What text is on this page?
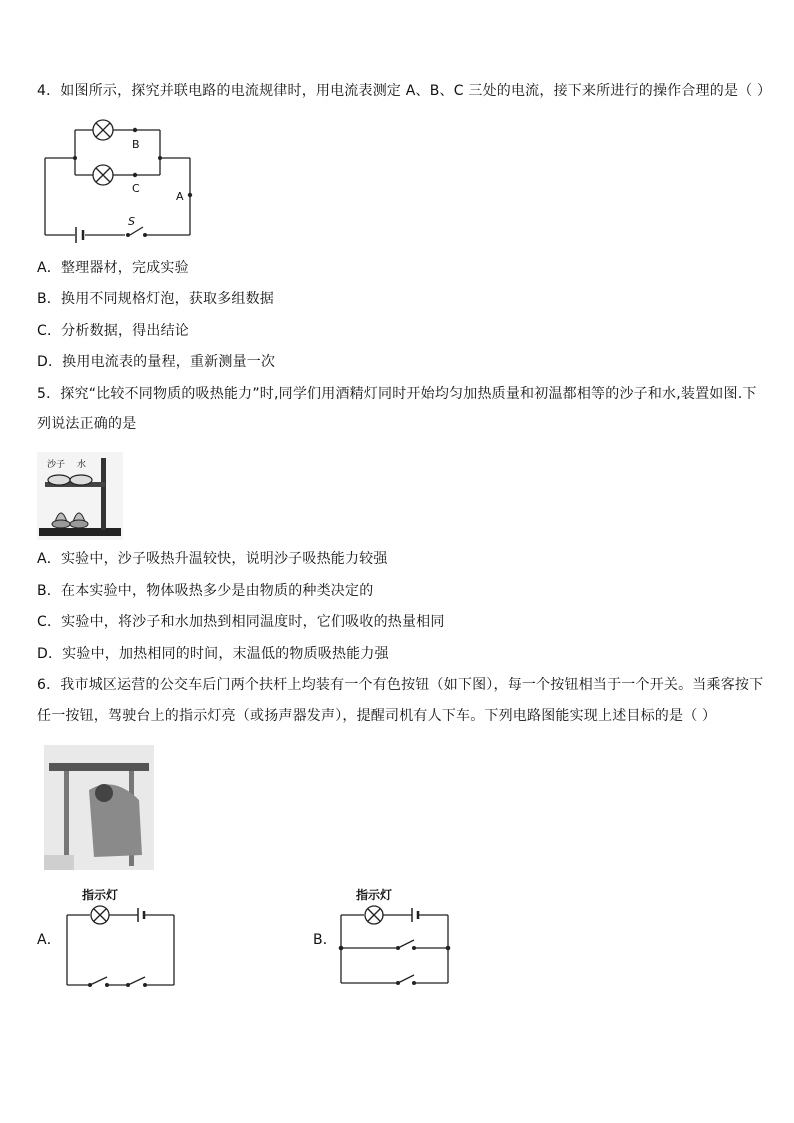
4．如图所示，探究并联电路的电流规律时，用电流表测定 A、B、C 三处的电流，接下来所进行的操作合理的是（ ）
B
C
A
S
A．整理器材，完成实验
B．换用不同规格灯泡，获取多组数据
C．分析数据，得出结论
D．换用电流表的量程，重新测量一次
5．探究“比较不同物质的吸热能力”时,同学们用酒精灯同时开始均匀加热质量和初温都相等的沙子和水,装置如图.下
列说法正确的是
沙子 水
A．实验中，沙子吸热升温较快，说明沙子吸热能力较强
B．在本实验中，物体吸热多少是由物质的种类决定的
C．实验中，将沙子和水加热到相同温度时，它们吸收的热量相同
D．实验中，加热相同的时间，末温低的物质吸热能力强
6．我市城区运营的公交车后门两个扶杆上均装有一个有色按钮（如下图），每一个按钮相当于一个开关。当乘客按下
任一按钮，驾驶台上的指示灯亮（或扬声器发声），提醒司机有人下车。下列电路图能实现上述目标的是（ ）
A．
指示灯
B．
指示灯
